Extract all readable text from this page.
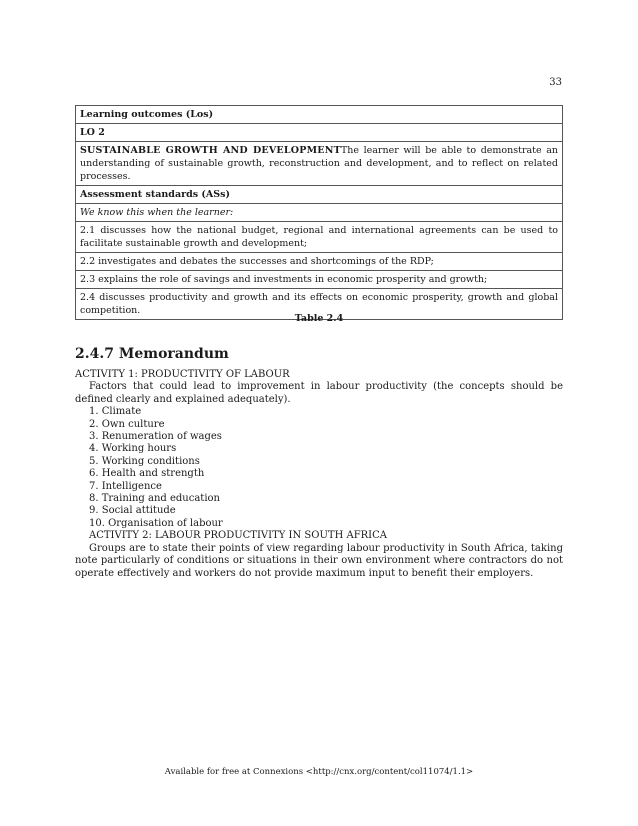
33
Learning outcomes (Los)
LO 2
SUSTAINABLE GROWTH AND DEVELOPMENTThe learner will be able to demonstrate an understanding of sustainable growth, reconstruction and development, and to reflect on related processes.
Assessment standards (ASs)
We know this when the learner:
2.1 discusses how the national budget, regional and international agreements can be used to facilitate sustainable growth and development;
2.2 investigates and debates the successes and shortcomings of the RDP;
2.3 explains the role of savings and investments in economic prosperity and growth;
2.4 discusses productivity and growth and its effects on economic prosperity, growth and global competition.
Table 2.4
2.4.7 Memorandum

ACTIVITY 1: PRODUCTIVITY OF LABOUR

Factors that could lead to improvement in labour productivity (the concepts should be defined clearly and explained adequately).

1. Climate
2. Own culture
3. Renumeration of wages
4. Working hours
5. Working conditions
6. Health and strength
7. Intelligence
8. Training and education
9. Social attitude
10. Organisation of labour

ACTIVITY 2: LABOUR PRODUCTIVITY IN SOUTH AFRICA

Groups are to state their points of view regarding labour productivity in South Africa, taking note particularly of conditions or situations in their own environment where contractors do not operate effectively and workers do not provide maximum input to benefit their employers.

Available for free at Connexions <http://cnx.org/content/col11074/1.1>
